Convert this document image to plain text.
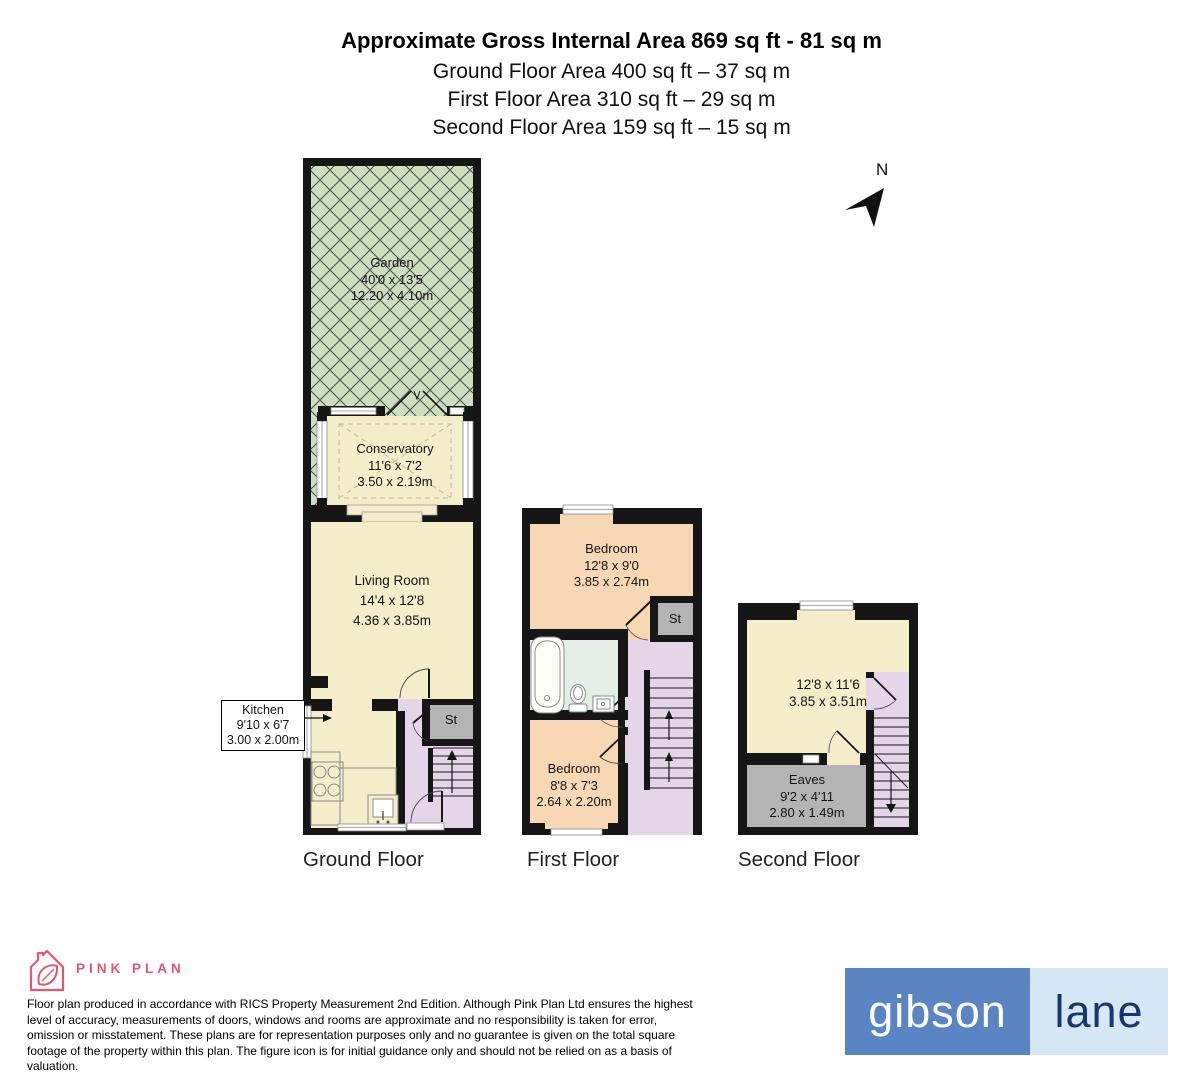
Approximate Gross Internal Area 869 sq ft - 81 sq m
Ground Floor Area 400 sq ft – 37 sq m
First Floor Area 310 sq ft – 29 sq m
Second Floor Area 159 sq ft – 15 sq m
Garden
40'0 x 13'5
12.20 x 4.10m
Conservatory
11'6 x 7'2
3.50 x 2.19m
Living Room
14'4 x 12'8
4.36 x 3.85m
Kitchen
9'10 x 6'7
3.00 x 2.00m
St
Bedroom
12'8 x 9'0
3.85 x 2.74m
St
Bedroom
8'8 x 7'3
2.64 x 2.20m
12'8 x 11'6
3.85 x 3.51m
Eaves
9'2 x 4'11
2.80 x 1.49m
Ground Floor	First Floor	Second Floor
N
PINK PLAN
Floor plan produced in accordance with RICS Property Measurement 2nd Edition. Although Pink Plan Ltd ensures the highest level of accuracy, measurements of doors, windows and rooms are approximate and no responsibility is taken for error, omission or misstatement. These plans are for representation purposes only and no guarantee is given on the total square footage of the property within this plan. The figure icon is for initial guidance only and should not be relied on as a basis of valuation.
gibson	lane
